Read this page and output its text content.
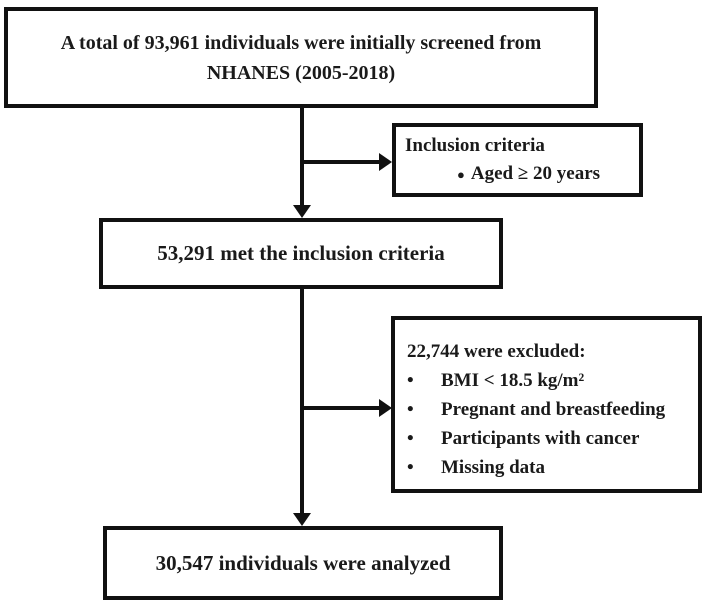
A total of 93,961 individuals were initially screened from
NHANES (2005-2018)
Inclusion criteria
● Aged ≥ 20 years
53,291 met the inclusion criteria
22,744 were excluded:
•	BMI < 18.5 kg/m²
•	Pregnant and breastfeeding
•	Participants with cancer
•	Missing data
30,547 individuals were analyzed
